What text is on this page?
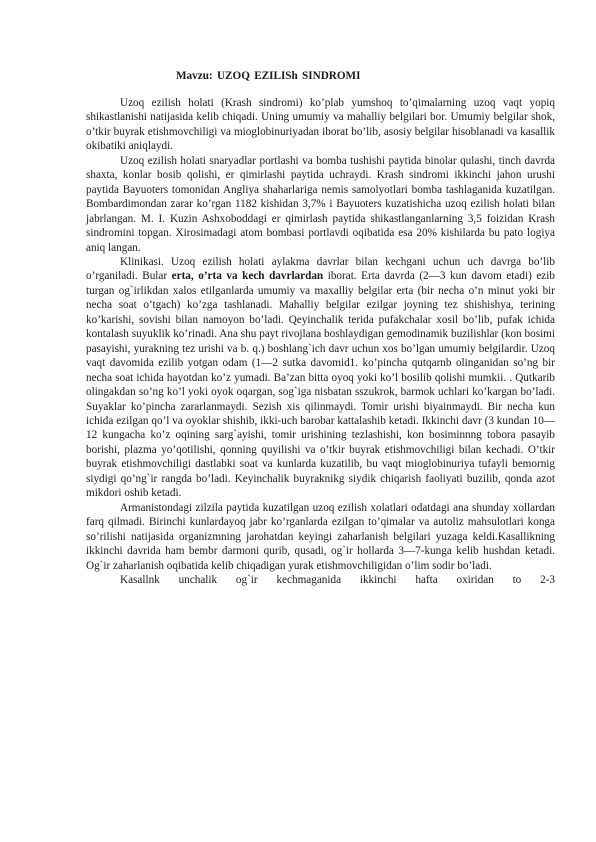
Mavzu: UZOQ EZILISh SINDROMI

Uzoq ezilish holati (Krash sindromi) ko’plab yumshoq to’qimalarning uzoq vaqt yopiq shikastlanishi natijasida kelib chiqadi. Uning umumiy va mahalliy belgilari bor. Umumiy belgilar shok, o’tkir buyrak etishmovchiligi va mioglobinuriyadan iborat bo’lib, asosiy belgilar hisoblanadi va kasallik okibatiki aniqlaydi.

Uzoq ezilish holati snaryadlar portlashi va bomba tushishi paytida binolar qulashi, tinch davrda shaxta, konlar bosib qolishi, er qimirlashi paytida uchraydi. Krash sindromi ikkinchi jahon urushi paytida Bayuoters tomonidan Angliya shaharlariga nemis samolyotlari bomba tashlaganida kuzatilgan. Bombardimondan zarar ko’rgan 1182 kishidan 3,7% i Bayuoters kuzatishicha uzoq ezilish holati bilan jabrlangan. M. I. Kuzin Ashxoboddagi er qimirlash paytida shikastlanganlarning 3,5 foizidan Krash sindromini topgan. Xirosimadagi atom bombasi portlavdi oqibatida esa 20% kishilarda bu pato logiya aniq langan.

Klinikasi. Uzoq ezilish holati aylakma davrlar bilan kechgani uchun uch davrga bo’lib o’rganiladi. Bular erta, o’rta va kech davrlardan iborat. Erta davrda (2—3 kun davom etadi) ezib turgan og`irlikdan xalos etilganlarda umumiy va maxalliy belgilar erta (bir necha o’n minut yoki bir necha soat o’tgach) ko’zga tashlanadi. Mahalliy belgilar ezilgar joyning tez shishishya, terining ko’karishi, sovishi bilan namoyon bo’ladi. Qeyinchalik terida pufakchalar xosil bo’lib, pufak ichida kontalash suyuklik ko’rinadi. Ana shu payt rivojlana boshlaydigan gemodinamik buzilishlar (kon bosimi pasayishi, yurakning tez urishi va b. q.) boshlang`ich davr uchun xos bo’lgan umumiy belgilardir. Uzoq vaqt davomida ezilib yotgan odam (1—2 sutka davomid1. ko’pincha qutqarnb olinganidan so’ng bir necha soat ichida hayotdan ko’z yumadi. Ba’zan bitta oyoq yoki ko’l bosilib qolishi mumkii. . Qutkarib olingakdan so’ng ko’l yoki oyok oqargan, sog`iga nisbatan sszukrok, barmok uchlari ko’kargan bo’ladi. Suyaklar ko’pincha zararlanmaydi. Sezish xis qilinmaydi. Tomir urishi biyainmaydi. Bir necha kun ichida ezilgan qo’l va oyoklar shishib, ikki-uch barobar kattalashib ketadi. Ikkinchi davr (3 kundan 10—12 kungacha ko’z oqining sarg`ayishi, tomir urishining tezlashishi, kon bosiminnng tobora pasayib borishi, plazma yo’qotilishi, qonning quyilishi va o’tkir buyrak etishmovchiligi bilan kechadi. O’tkir buyrak etishmovchiligi dastlabki soat va kunlarda kuzatilib, bu vaqt mioglobinuriya tufayli bemornig siydigi qo’ng`ir rangda bo’ladi. Keyinchalik buyraknikg siydik chiqarish faoliyati buzilib, qonda azot mikdori oshib ketadi.

Armanistondagi zilzila paytida kuzatilgan uzoq ezilish xolatlari odatdagi ana shunday xollardan farq qilmadi. Birinchi kunlardayoq jabr ko’rganlarda ezilgan to’qimalar va autoliz mahsulotlari konga so’rilishi natijasida organizmning jarohatdan keyingi zaharlanish belgilari yuzaga keldi.Kasallikning ikkinchi davrida ham bembr darmoni qurib, qusadi, og`ir hollarda 3—7-kunga kelib hushdan ketadi. Og`ir zaharlanish oqibatida kelib chiqadigan yurak etishmovchiligidan o’lim sodir bo’ladi.

Kasallnk unchalik og`ir kechmaganida ikkinchi hafta oxiridan to 2-3
